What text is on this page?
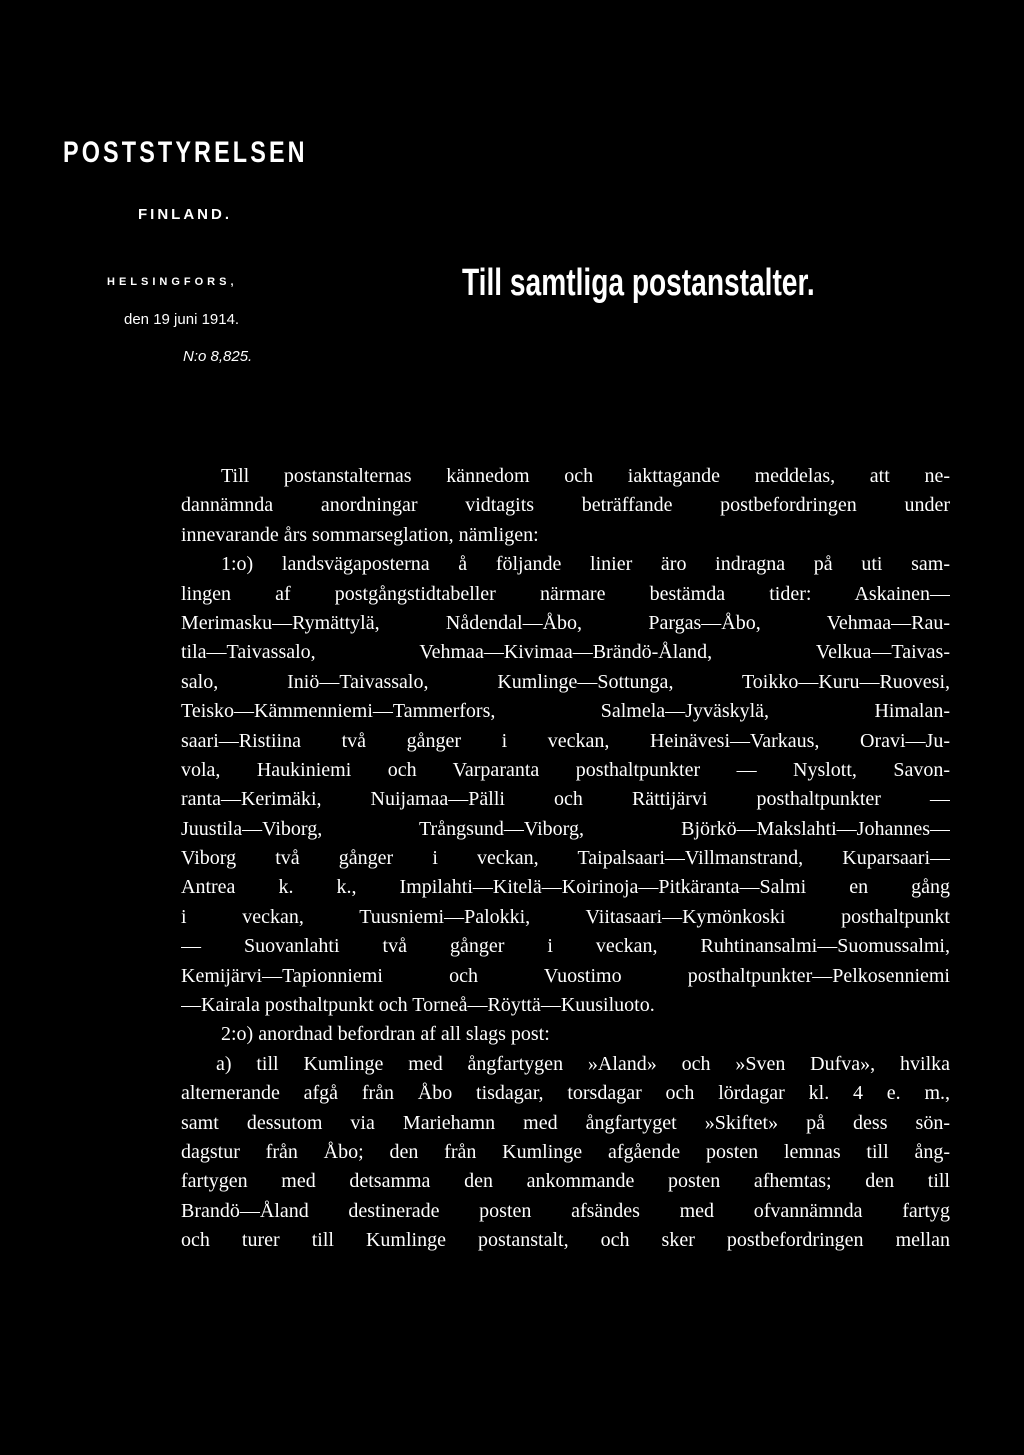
POSTSTYRELSEN
FINLAND.
HELSINGFORS,
den 19 juni 1914.
N:o 8,825.
Till samtliga postanstalter.
Till postanstalternas kännedom och iakttagande meddelas, att ne-
dannämnda anordningar vidtagits beträffande postbefordringen under
innevarande års sommarseglation, nämligen:
1:o) landsvägaposterna å följande linier äro indragna på uti sam-
lingen af postgångstidtabeller närmare bestämda tider: Askainen—
Merimasku—Rymättylä, Nådendal—Åbo, Pargas—Åbo, Vehmaa—Rau-
tila—Taivassalo, Vehmaa—Kivimaa—Brändö-Åland, Velkua—Taivas-
salo, Iniö—Taivassalo, Kumlinge—Sottunga, Toikko—Kuru—Ruovesi,
Teisko—Kämmenniemi—Tammerfors, Salmela—Jyväskylä, Himalan-
saari—Ristiina två gånger i veckan, Heinävesi—Varkaus, Oravi—Ju-
vola, Haukiniemi och Varparanta posthaltpunkter — Nyslott, Savon-
ranta—Kerimäki, Nuijamaa—Pälli och Rättijärvi posthaltpunkter —
Juustila—Viborg, Trångsund—Viborg, Björkö—Makslahti—Johannes—
Viborg två gånger i veckan, Taipalsaari—Villmanstrand, Kuparsaari—
Antrea k. k., Impilahti—Kitelä—Koirinoja—Pitkäranta—Salmi en gång
i veckan, Tuusniemi—Palokki, Viitasaari—Kymönkoski posthaltpunkt
— Suovanlahti två gånger i veckan, Ruhtinansalmi—Suomussalmi,
Kemijärvi—Tapionniemi och Vuostimo posthaltpunkter—Pelkosenniemi
—Kairala posthaltpunkt och Torneå—Röyttä—Kuusiluoto.
2:o) anordnad befordran af all slags post:
a) till Kumlinge med ångfartygen »Aland» och »Sven Dufva», hvilka
alternerande afgå från Åbo tisdagar, torsdagar och lördagar kl. 4 e. m.,
samt dessutom via Mariehamn med ångfartyget »Skiftet» på dess sön-
dagstur från Åbo; den från Kumlinge afgående posten lemnas till ång-
fartygen med detsamma den ankommande posten afhemtas; den till
Brandö—Åland destinerade posten afsändes med ofvannämnda fartyg
och turer till Kumlinge postanstalt, och sker postbefordringen mellan
